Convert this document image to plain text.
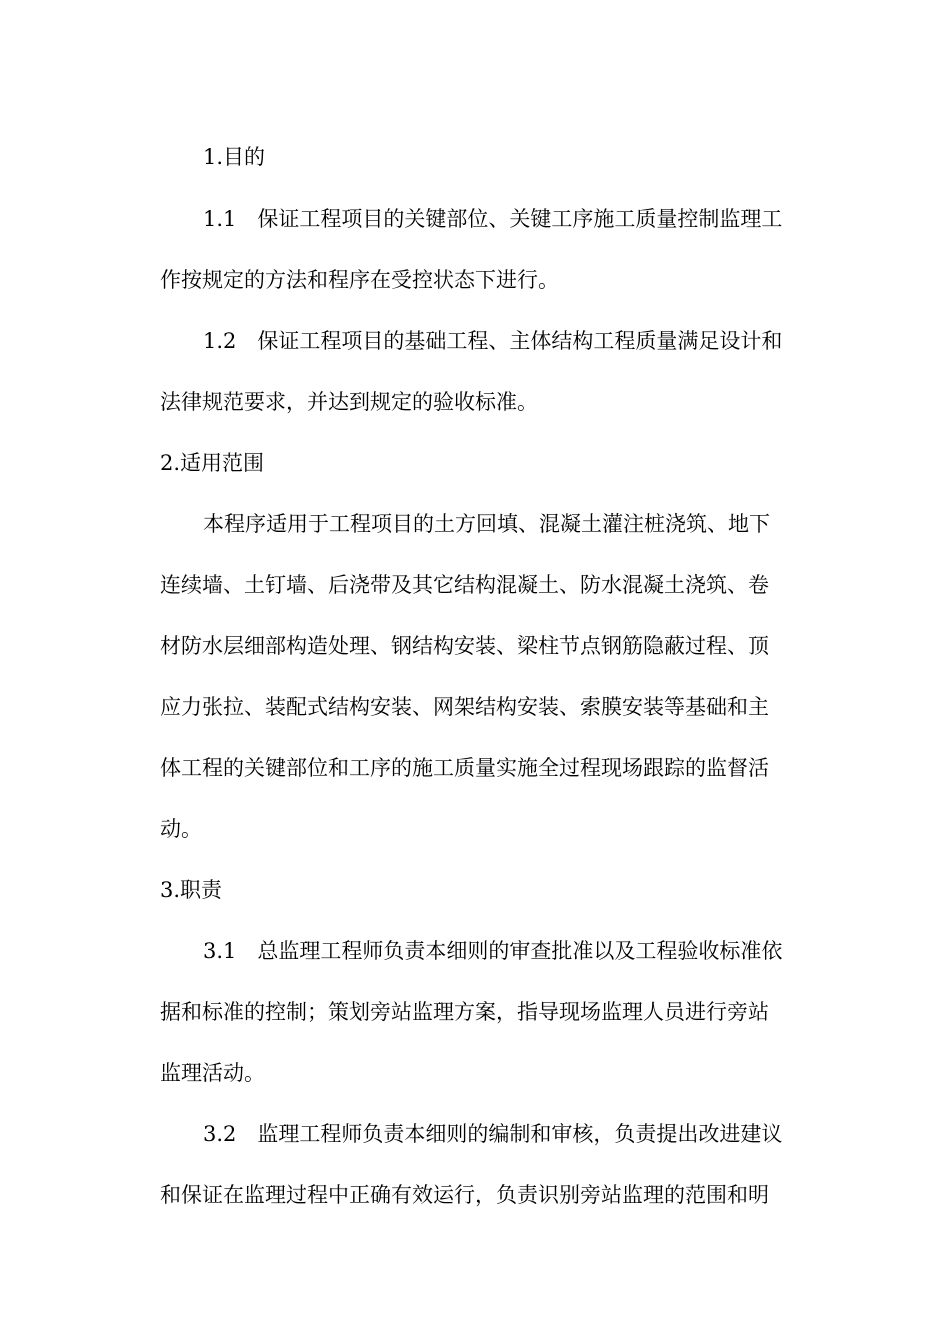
1.目的
1.1　保证工程项目的关键部位、关键工序施工质量控制监理工
作按规定的方法和程序在受控状态下进行。
1.2　保证工程项目的基础工程、主体结构工程质量满足设计和
法律规范要求，并达到规定的验收标准。
2.适用范围
本程序适用于工程项目的土方回填、混凝土灌注桩浇筑、地下
连续墙、土钉墙、后浇带及其它结构混凝土、防水混凝土浇筑、卷
材防水层细部构造处理、钢结构安装、梁柱节点钢筋隐蔽过程、顶
应力张拉、装配式结构安装、网架结构安装、索膜安装等基础和主
体工程的关键部位和工序的施工质量实施全过程现场跟踪的监督活
动。
3.职责
3.1　总监理工程师负责本细则的审查批准以及工程验收标准依
据和标准的控制；策划旁站监理方案，指导现场监理人员进行旁站
监理活动。
3.2　监理工程师负责本细则的编制和审核，负责提出改进建议
和保证在监理过程中正确有效运行，负责识别旁站监理的范围和明
